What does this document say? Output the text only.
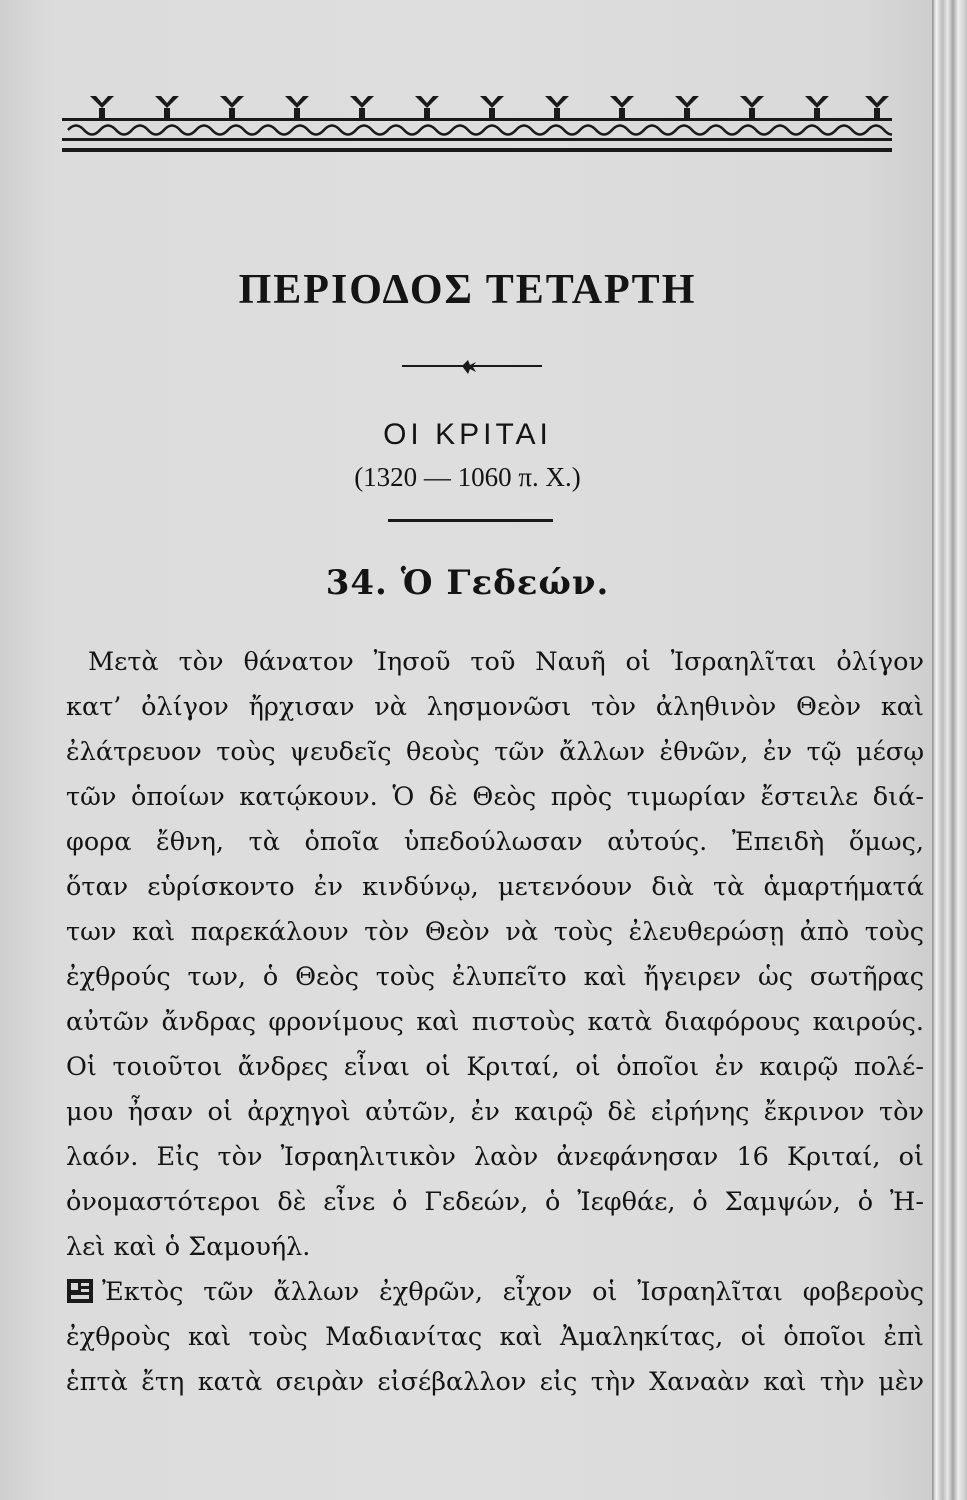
ΠΕΡΙΟΔΟΣ ΤΕΤΑΡΤΗ
ΟΙ ΚΡΙΤΑΙ
(1320 — 1060 π. Χ.)
34. Ὁ Γεδεών.
Μετὰ τὸν θάνατον Ἰησοῦ τοῦ Ναυῆ οἱ Ἰσραηλῖται ὀλίγον
κατ’ ὀλίγον ἤρχισαν νὰ λησμονῶσι τὸν ἀληθινὸν Θεὸν καὶ
ἐλάτρευον τοὺς ψευδεῖς θεοὺς τῶν ἄλλων ἐθνῶν, ἐν τῷ μέσῳ
τῶν ὁποίων κατῴκουν. Ὁ δὲ Θεὸς πρὸς τιμωρίαν ἔστειλε διά-
φορα ἔθνη, τὰ ὁποῖα ὑπεδούλωσαν αὐτούς. Ἐπειδὴ ὅμως,
ὅταν εὑρίσκοντο ἐν κινδύνῳ, μετενόουν διὰ τὰ ἁμαρτήματά
των καὶ παρεκάλουν τὸν Θεὸν νὰ τοὺς ἐλευθερώσῃ ἀπὸ τοὺς
ἐχθρούς των, ὁ Θεὸς τοὺς ἐλυπεῖτο καὶ ἤγειρεν ὡς σωτῆρας
αὐτῶν ἄνδρας φρονίμους καὶ πιστοὺς κατὰ διαφόρους καιρούς.
Οἱ τοιοῦτοι ἄνδρες εἶναι οἱ Κριταί, οἱ ὁποῖοι ἐν καιρῷ πολέ-
μου ἦσαν οἱ ἀρχηγοὶ αὐτῶν, ἐν καιρῷ δὲ εἰρήνης ἔκρινον τὸν
λαόν. Εἰς τὸν Ἰσραηλιτικὸν λαὸν ἀνεφάνησαν 16 Κριταί, οἱ
ὀνομαστότεροι δὲ εἶνε ὁ Γεδεών, ὁ Ἰεφθάε, ὁ Σαμψών, ὁ Ἠ-
λεὶ καὶ ὁ Σαμουήλ.
Ἐκτὸς τῶν ἄλλων ἐχθρῶν, εἶχον οἱ Ἰσραηλῖται φοβεροὺς
ἐχθροὺς καὶ τοὺς Μαδιανίτας καὶ Ἀμαληκίτας, οἱ ὁποῖοι ἐπὶ
ἑπτὰ ἔτη κατὰ σειρὰν εἰσέβαλλον εἰς τὴν Χαναὰν καὶ τὴν μὲν
